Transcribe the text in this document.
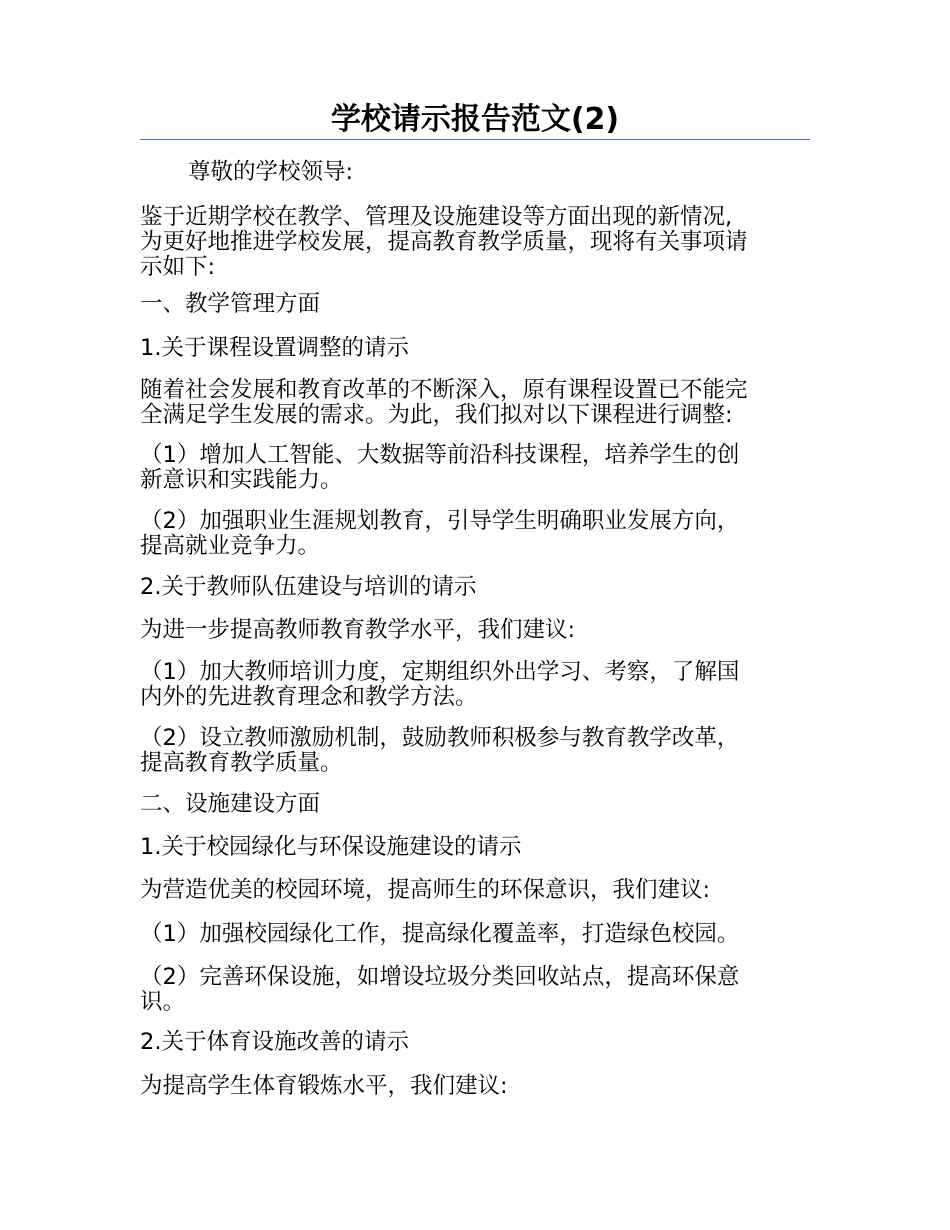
学校请示报告范文(2)

尊敬的学校领导:

鉴于近期学校在教学、管理及设施建设等方面出现的新情况,
为更好地推进学校发展，提高教育教学质量，现将有关事项请
示如下:

一、教学管理方面

1.关于课程设置调整的请示

随着社会发展和教育改革的不断深入，原有课程设置已不能完
全满足学生发展的需求。为此，我们拟对以下课程进行调整:

（1）增加人工智能、大数据等前沿科技课程，培养学生的创
新意识和实践能力。

（2）加强职业生涯规划教育，引导学生明确职业发展方向，
提高就业竞争力。

2.关于教师队伍建设与培训的请示

为进一步提高教师教育教学水平，我们建议:

（1）加大教师培训力度，定期组织外出学习、考察，了解国
内外的先进教育理念和教学方法。

（2）设立教师激励机制，鼓励教师积极参与教育教学改革，
提高教育教学质量。

二、设施建设方面

1.关于校园绿化与环保设施建设的请示

为营造优美的校园环境，提高师生的环保意识，我们建议:

（1）加强校园绿化工作，提高绿化覆盖率，打造绿色校园。

（2）完善环保设施，如增设垃圾分类回收站点，提高环保意
识。

2.关于体育设施改善的请示

为提高学生体育锻炼水平，我们建议:
